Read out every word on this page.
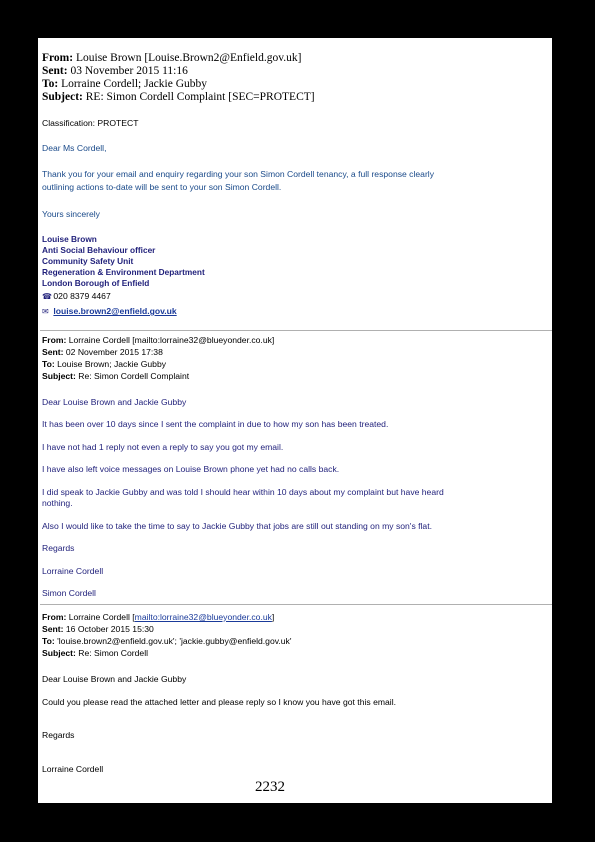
From: Louise Brown [Louise.Brown2@Enfield.gov.uk]
Sent: 03 November 2015 11:16
To: Lorraine Cordell; Jackie Gubby
Subject: RE: Simon Cordell Complaint [SEC=PROTECT]
Classification: PROTECT
Dear Ms Cordell,
Thank you for your email and enquiry regarding your son Simon Cordell tenancy, a full response clearly
outlining actions to-date will be sent to your son Simon Cordell.
Yours sincerely
Louise Brown
Anti Social Behaviour officer
Community Safety Unit
Regeneration & Environment Department
London Borough of Enfield
☎ 020 8379 4467
✉ louise.brown2@enfield.gov.uk
From: Lorraine Cordell [mailto:lorraine32@blueyonder.co.uk]
Sent: 02 November 2015 17:38
To: Louise Brown; Jackie Gubby
Subject: Re: Simon Cordell Complaint
Dear Louise Brown and Jackie Gubby
It has been over 10 days since I sent the complaint in due to how my son has been treated.
I have not had 1 reply not even a reply to say you got my email.
I have also left voice messages on Louise Brown phone yet had no calls back.
I did speak to Jackie Gubby and was told I should hear within 10 days about my complaint but have heard
nothing.
Also I would like to take the time to say to Jackie Gubby that jobs are still out standing on my son's flat.
Regards
Lorraine Cordell
Simon Cordell
From: Lorraine Cordell [mailto:lorraine32@blueyonder.co.uk]
Sent: 16 October 2015 15:30
To: 'louise.brown2@enfield.gov.uk'; 'jackie.gubby@enfield.gov.uk'
Subject: Re: Simon Cordell
Dear Louise Brown and Jackie Gubby
Could you please read the attached letter and please reply so I know you have got this email.
Regards
Lorraine Cordell
2232
